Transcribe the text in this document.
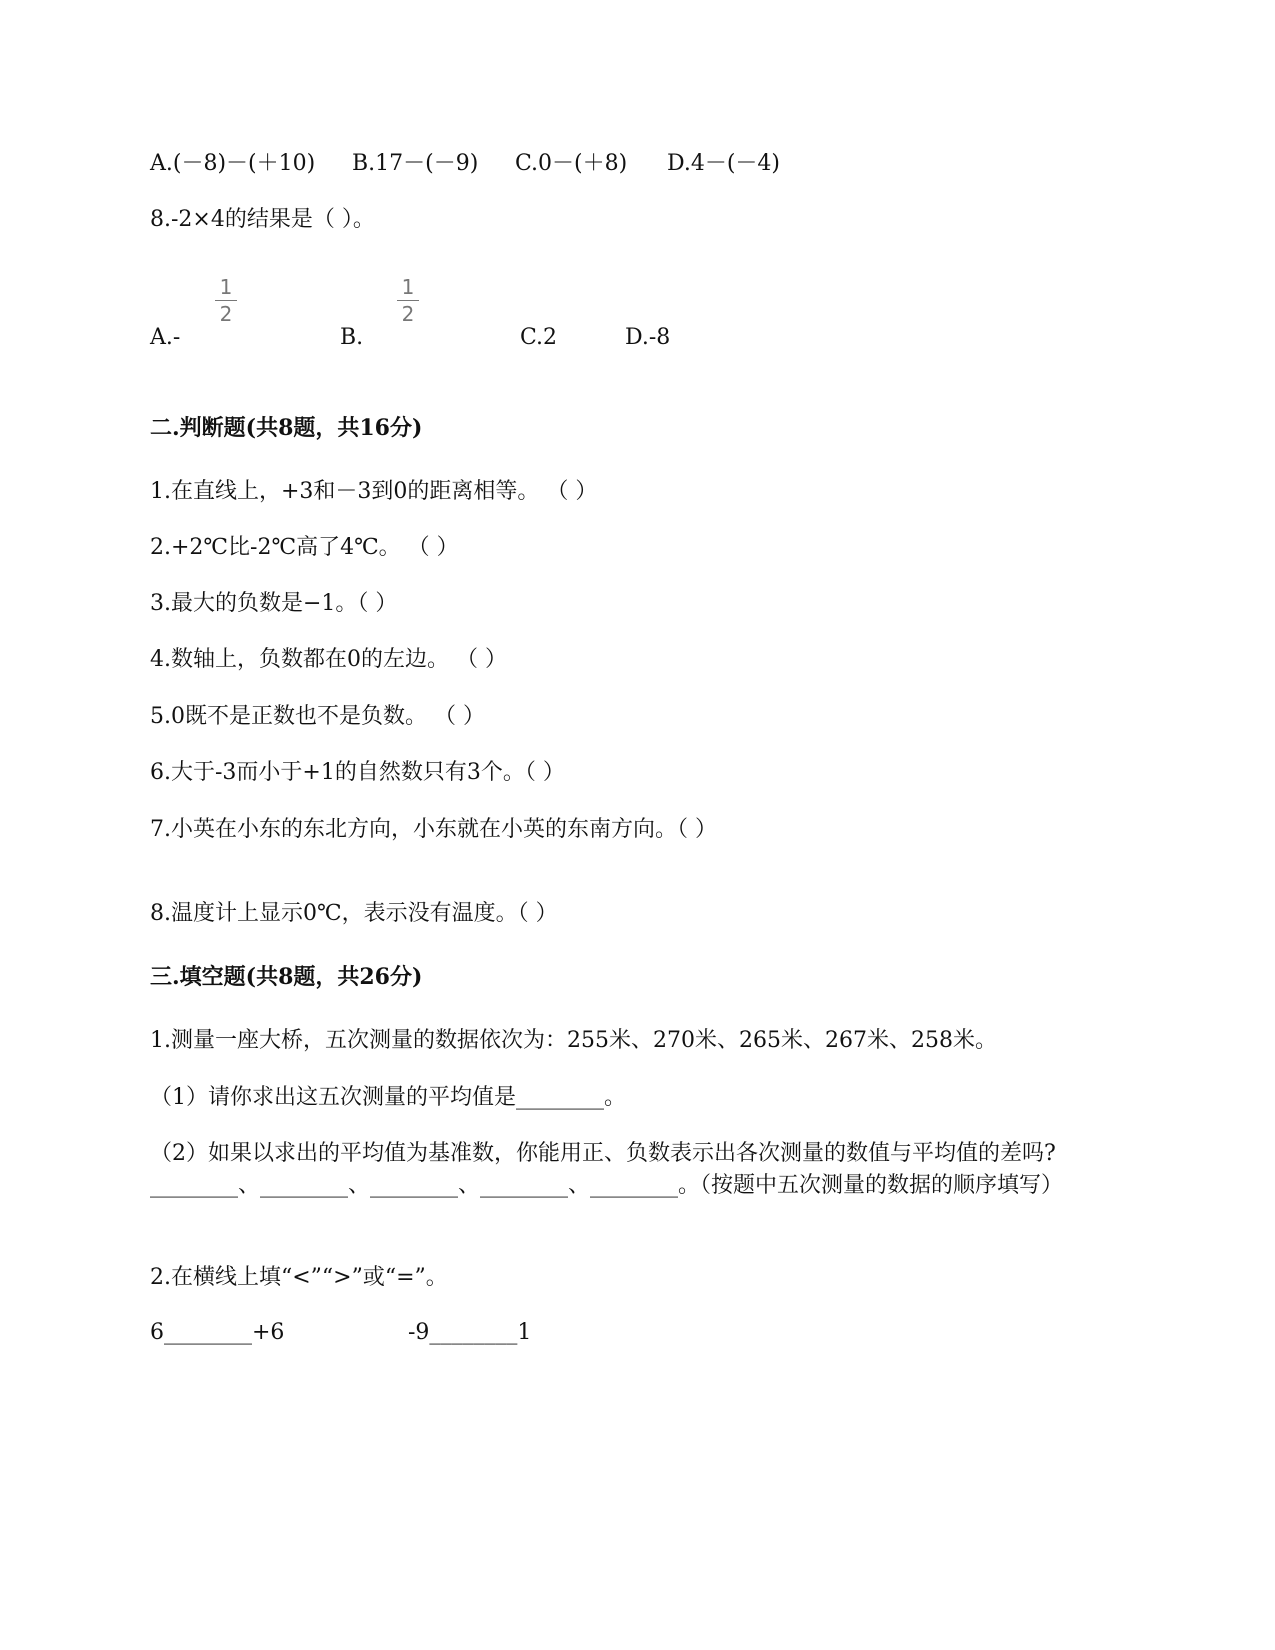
A.(－8)－(＋10) B.17－(－9) C.0－(＋8) D.4－(－4)
8.-2×4的结果是（ ）。
A.-
1
2
B.
1
2
C.2	D.-8
二.判断题(共8题，共16分)
1.在直线上，+3和－3到0的距离相等。 （ ）
2.+2℃比-2℃高了4℃。 （ ）
3.最大的负数是−1。（ ）
4.数轴上，负数都在0的左边。 （ ）
5.0既不是正数也不是负数。 （ ）
6.大于-3而小于+1的自然数只有3个。（ ）
7.小英在小东的东北方向，小东就在小英的东南方向。（ ）
8.温度计上显示0℃，表示没有温度。（ ）
三.填空题(共8题，共26分)
1.测量一座大桥，五次测量的数据依次为：255米、270米、265米、267米、258米。
（1）请你求出这五次测量的平均值是________。
（2）如果以求出的平均值为基准数，你能用正、负数表示出各次测量的数值与平均值的差吗?________、________、________、________、________。（按题中五次测量的数据的顺序填写）
2.在横线上填“<”“>”或“=”。
6________+6	-9________1
